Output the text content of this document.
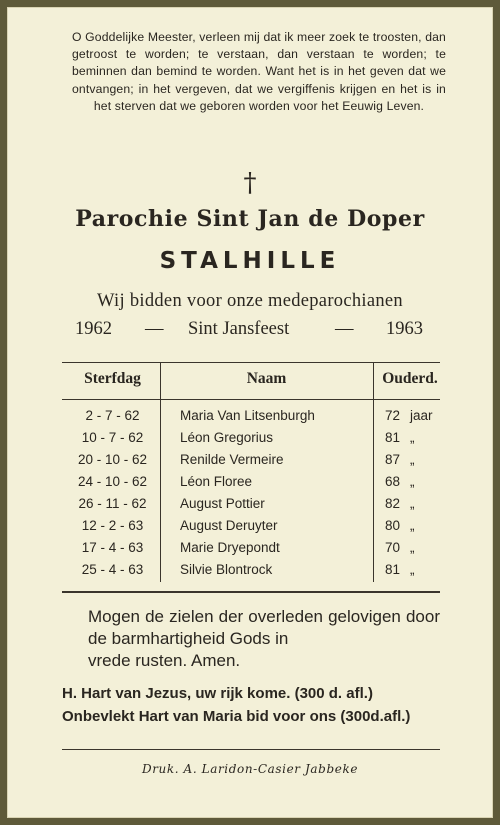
O Goddelijke Meester, verleen mij dat ik meer zoek te troosten, dan getroost te worden; te verstaan, dan verstaan te worden; te beminnen dan bemind te worden. Want het is in het geven dat we ontvangen; in het vergeven, dat we vergiffenis krijgen en het is in het sterven dat we geboren worden voor het Eeuwig Leven.
†
Parochie Sint Jan de Doper
STALHILLE
Wij bidden voor onze medeparochianen
1962 — Sint Jansfeest — 1963
Sterfdag	Naam	Ouderd.
2 - 7 - 62	Maria Van Litsenburgh	72 jaar
10 - 7 - 62	Léon Gregorius	81 „
20 - 10 - 62	Renilde Vermeire	87 „
24 - 10 - 62	Léon Floree	68 „
26 - 11 - 62	August Pottier	82 „
12 - 2 - 63	August Deruyter	80 „
17 - 4 - 63	Marie Dryepondt	70 „
25 - 4 - 63	Silvie Blontrock	81 „
Mogen de zielen der overleden gelovigen door de barmhartigheid Gods in
vrede rusten. Amen.
H. Hart van Jezus, uw rijk kome. (300 d. afl.)
Onbevlekt Hart van Maria bid voor ons (300d.afl.)
Druk. A. Laridon-Casier Jabbeke
